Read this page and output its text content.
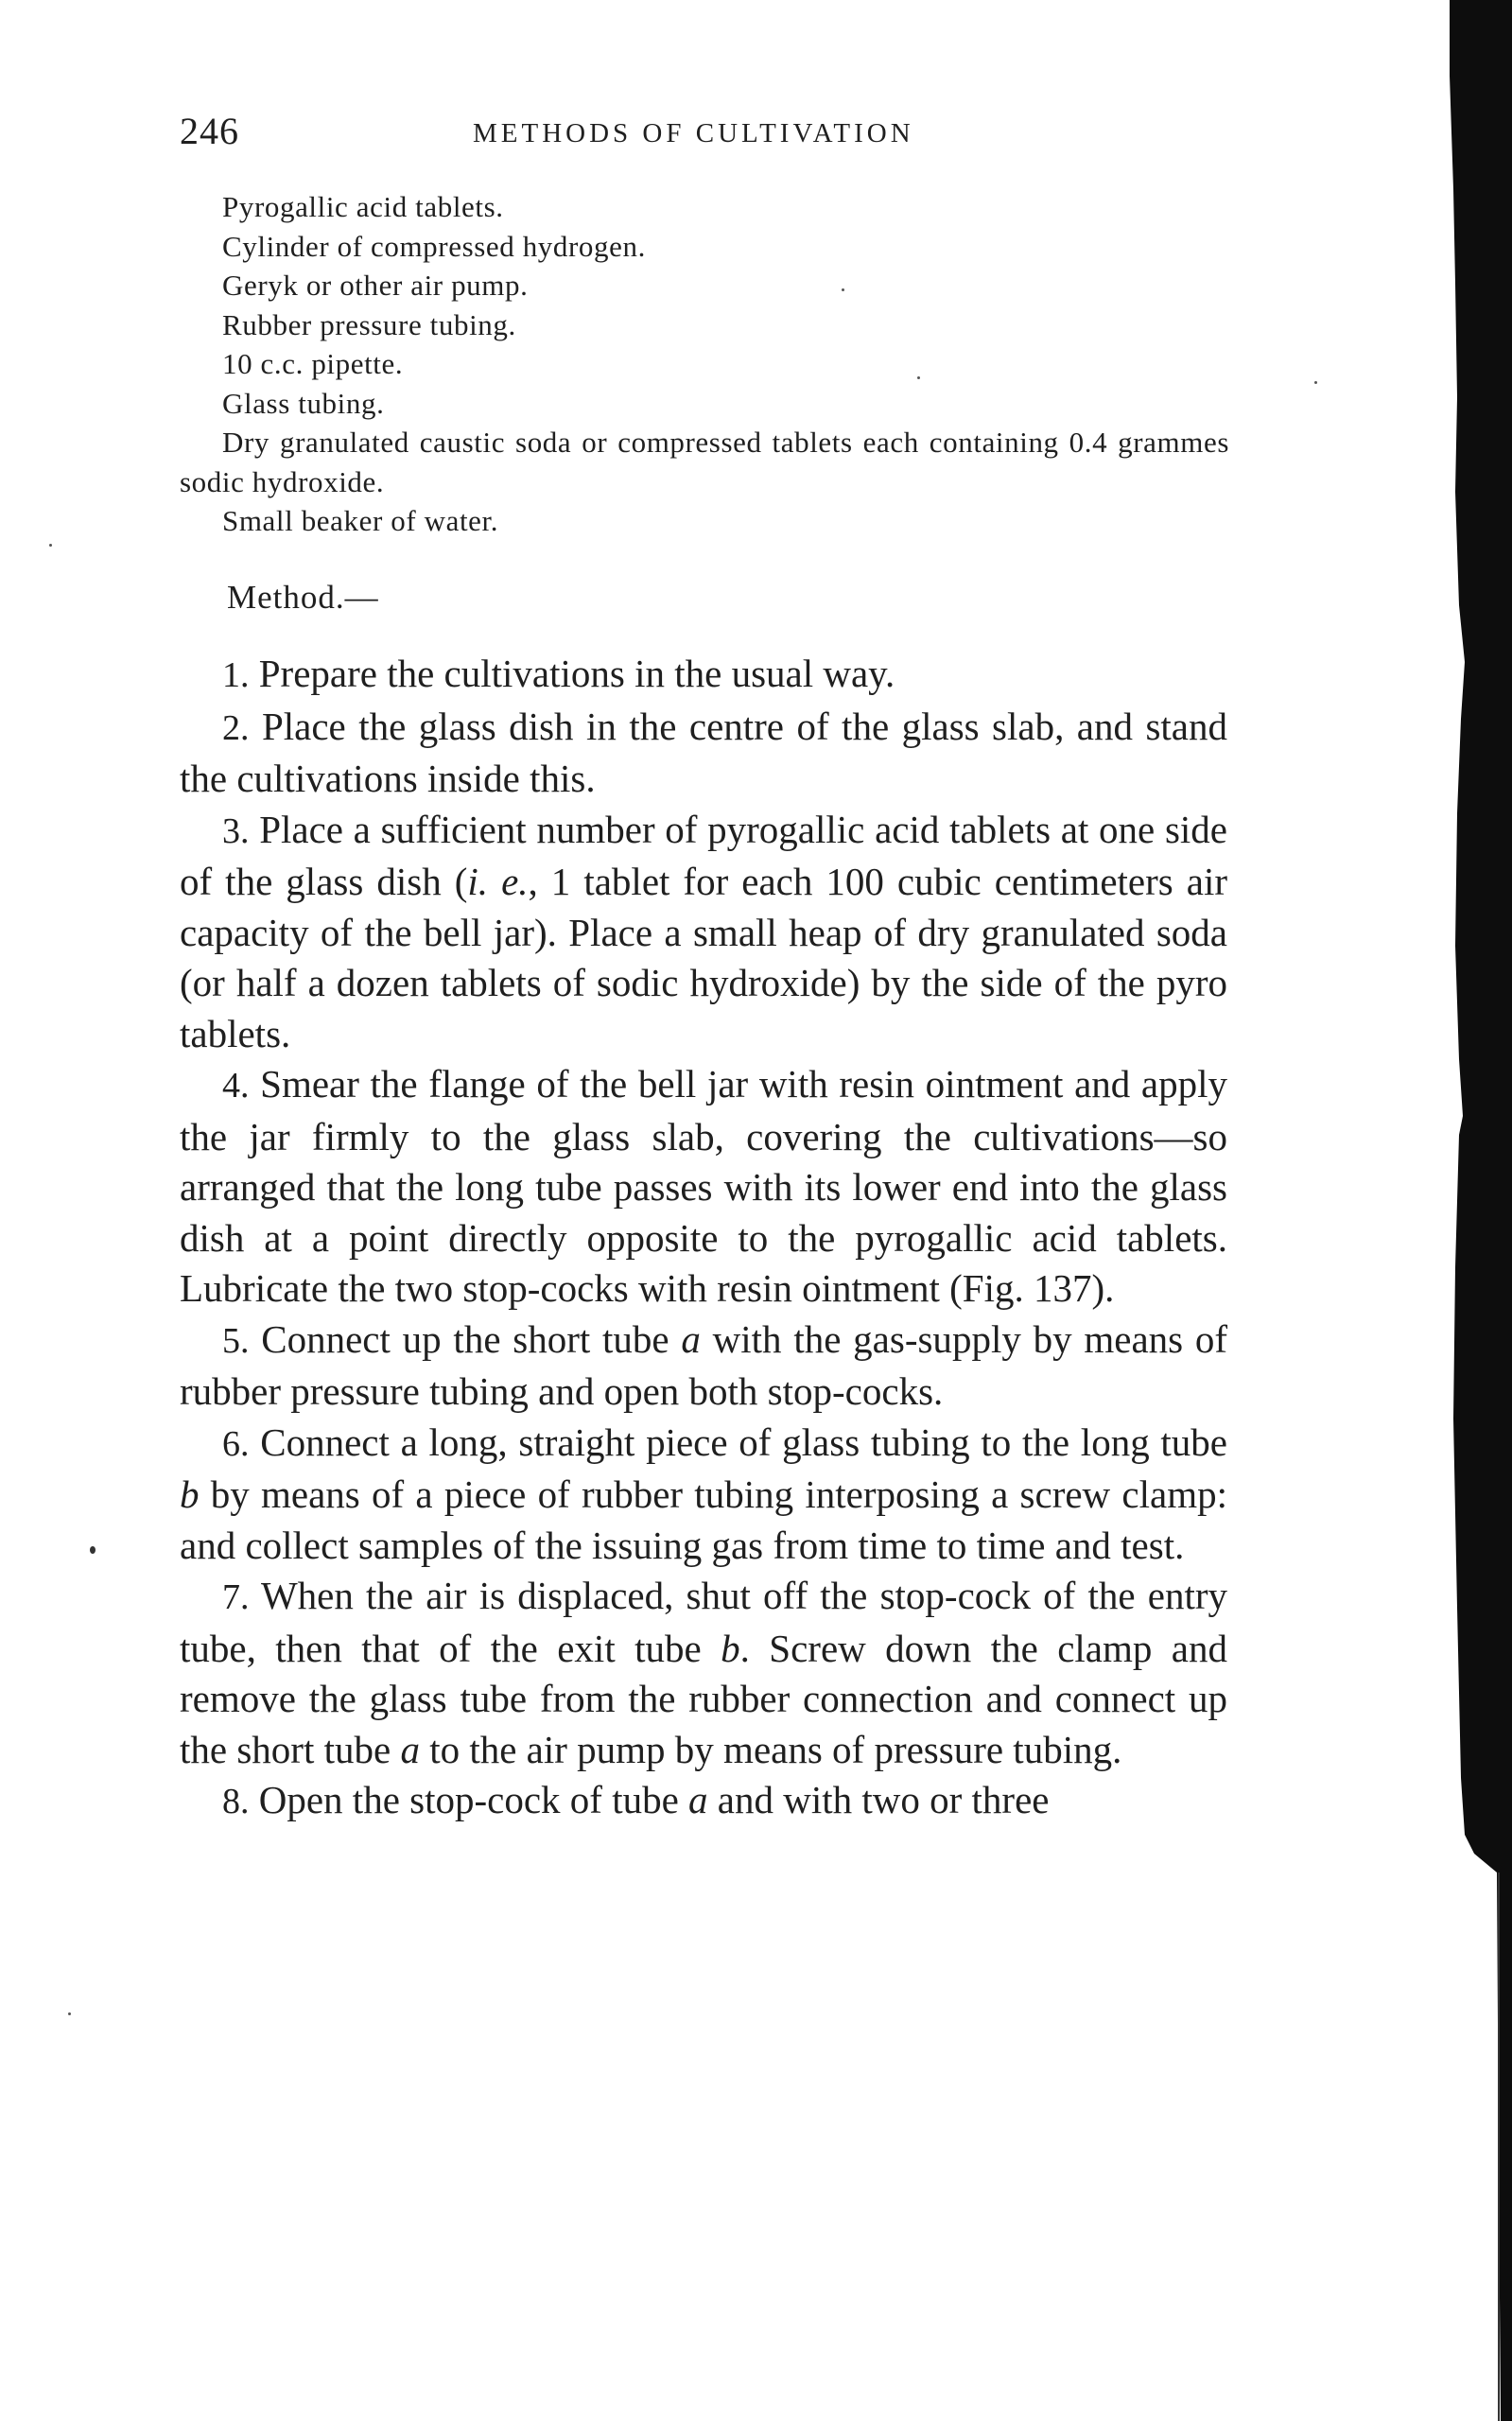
246	METHODS OF CULTIVATION
Pyrogallic acid tablets.
Cylinder of compressed hydrogen.
Geryk or other air pump.
Rubber pressure tubing.
10 c.c. pipette.
Glass tubing.
Dry granulated caustic soda or compressed tablets each containing 0.4 grammes sodic hydroxide.
Small beaker of water.
Method.—

1. Prepare the cultivations in the usual way.

2. Place the glass dish in the centre of the glass slab, and stand the cultivations inside this.

3. Place a sufficient number of pyrogallic acid tablets at one side of the glass dish (i. e., 1 tablet for each 100 cubic centimeters air capacity of the bell jar). Place a small heap of dry granulated soda (or half a dozen tablets of sodic hydroxide) by the side of the pyro tablets.

4. Smear the flange of the bell jar with resin ointment and apply the jar firmly to the glass slab, covering the cultivations—so arranged that the long tube passes with its lower end into the glass dish at a point directly opposite to the pyrogallic acid tablets. Lubricate the two stop-cocks with resin ointment (Fig. 137).

5. Connect up the short tube a with the gas-supply by means of rubber pressure tubing and open both stop-cocks.

6. Connect a long, straight piece of glass tubing to the long tube b by means of a piece of rubber tubing interposing a screw clamp: and collect samples of the issuing gas from time to time and test.

7. When the air is displaced, shut off the stop-cock of the entry tube, then that of the exit tube b. Screw down the clamp and remove the glass tube from the rubber connection and connect up the short tube a to the air pump by means of pressure tubing.

8. Open the stop-cock of tube a and with two or three
